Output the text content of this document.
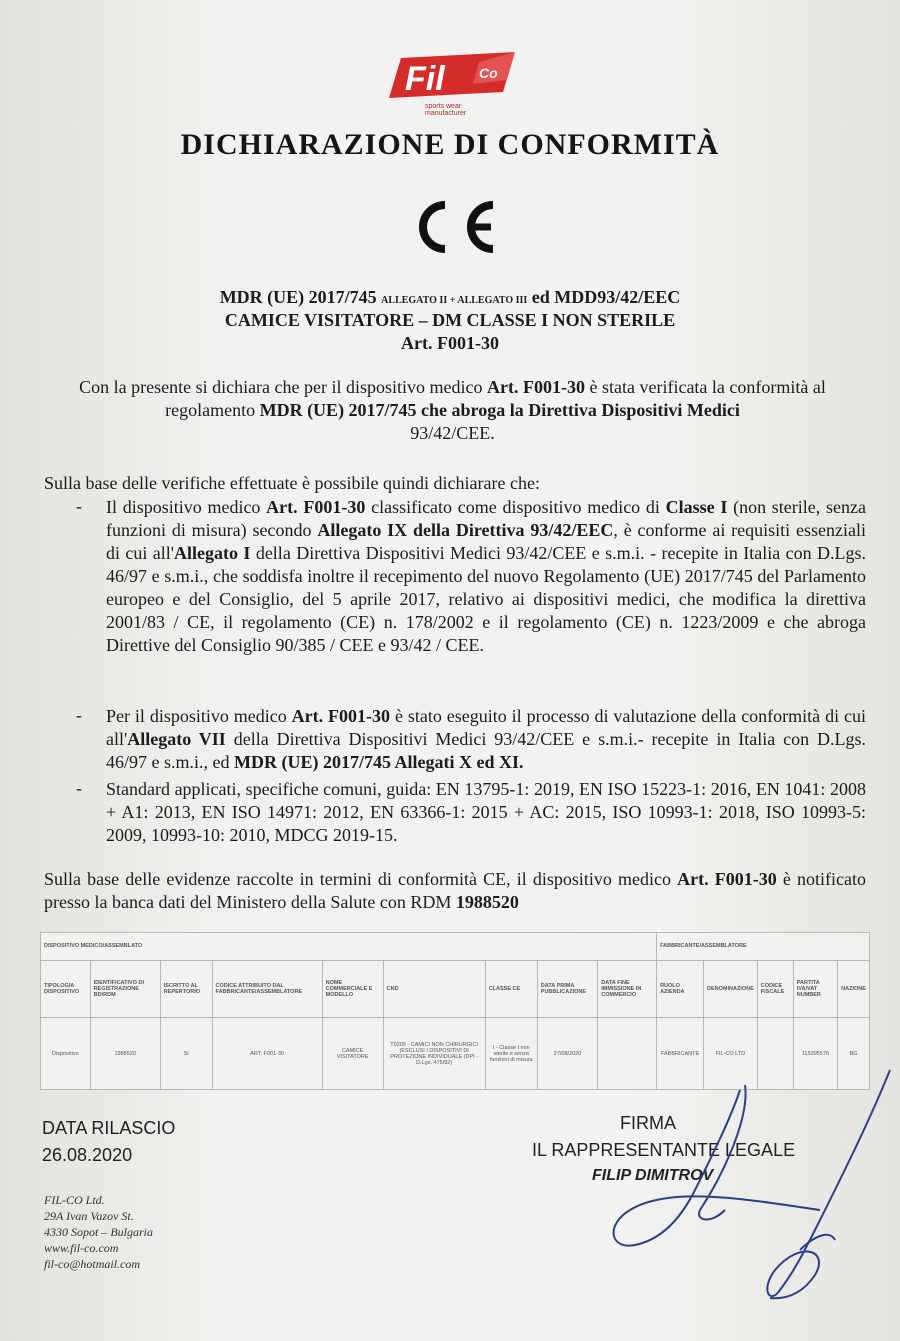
Fil Co
sports wear
manufacturer
DICHIARAZIONE DI CONFORMITÀ
MDR (UE) 2017/745 ALLEGATO II + ALLEGATO III ed MDD93/42/EEC
CAMICE VISITATORE – DM CLASSE I NON STERILE
Art. F001-30
Con la presente si dichiara che per il dispositivo medico Art. F001-30 è stata verificata la conformità al regolamento MDR (UE) 2017/745 che abroga la Direttiva Dispositivi Medici
93/42/CEE.
Sulla base delle verifiche effettuate è possibile quindi dichiarare che:
- Il dispositivo medico Art. F001-30 classificato come dispositivo medico di Classe I (non sterile, senza funzioni di misura) secondo Allegato IX della Direttiva 93/42/EEC, è conforme ai requisiti essenziali di cui all'Allegato I della Direttiva Dispositivi Medici 93/42/CEE e s.m.i. - recepite in Italia con D.Lgs. 46/97 e s.m.i., che soddisfa inoltre il recepimento del nuovo Regolamento (UE) 2017/745 del Parlamento europeo e del Consiglio, del 5 aprile 2017, relativo ai dispositivi medici, che modifica la direttiva 2001/83 / CE, il regolamento (CE) n. 178/2002 e il regolamento (CE) n. 1223/2009 e che abroga Direttive del Consiglio 90/385 / CEE e 93/42 / CEE.
- Per il dispositivo medico Art. F001-30 è stato eseguito il processo di valutazione della conformità di cui all'Allegato VII della Direttiva Dispositivi Medici 93/42/CEE e s.m.i.- recepite in Italia con D.Lgs. 46/97 e s.m.i., ed MDR (UE) 2017/745 Allegati X ed XI.
- Standard applicati, specifiche comuni, guida: EN 13795-1: 2019, EN ISO 15223-1: 2016, EN 1041: 2008 + A1: 2013, EN ISO 14971: 2012, EN 63366-1: 2015 + AC: 2015, ISO 10993-1: 2018, ISO 10993-5: 2009, 10993-10: 2010, MDCG 2019-15.
Sulla base delle evidenze raccolte in termini di conformità CE, il dispositivo medico Art. F001-30 è notificato presso la banca dati del Ministero della Salute con RDM 1988520
DISPOSITIVO MEDICO/ASSEMBLATO									FABBRICANTE/ASSEMBLATORE				
TIPOLOGIA DISPOSITIVO	IDENTIFICATIVO DI REGISTRAZIONE BD/RDM	ISCRITTO AL REPERTORIO	CODICE ATTRIBUITO DAL FABBRICANTE/ASSEMBLATORE	NOME COMMERCIALE E MODELLO	CND	CLASSE CE	DATA PRIMA PUBBLICAZIONE	DATA FINE IMMISSIONE IN COMMERCIO	RUOLO AZIENDA	DENOMINAZIONE	CODICE FISCALE	PARTITA IVA/VAT NUMBER	NAZIONE
Dispositivo	1988520	Si	ART. F001-30	CAMICE VISITATORE	T0205 - CAMICI NON CHIRURGICI (ESCLUSI I DISPOSITIVI DI PROTEZIONE INDIVIDUALE (DPI - D.Lgs. 475/92)	I - Classe I non sterile e senza funzioni di misura	27/08/2020		FABBRICANTE	FIL-CO LTD		115395576	BG
DATA RILASCIO
26.08.2020
FIL-CO Ltd.
29A Ivan Vazov St.
4330 Sopot – Bulgaria
www.fil-co.com
fil-co@hotmail.com
FIRMA
IL RAPPRESENTANTE LEGALE
FILIP DIMITROV
